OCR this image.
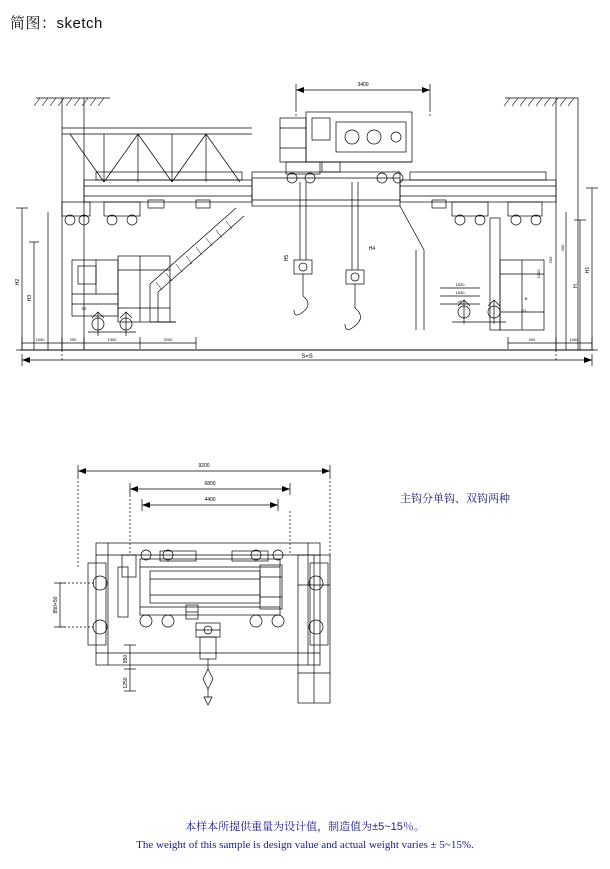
简图：sketch
3400
S=S
1000	200	1300	2200	200	1000
H2
H3
H1
H
400
290
1300
H5
H4
S2	S1
B
1520
1630
40
主钩分单钩、双钩两种
9200
6800
4400
850+50
850
1250
本样本所提供重量为设计值，制造值为±5~15％。
The weight of this sample is design value and actual weight varies ± 5~15%.
